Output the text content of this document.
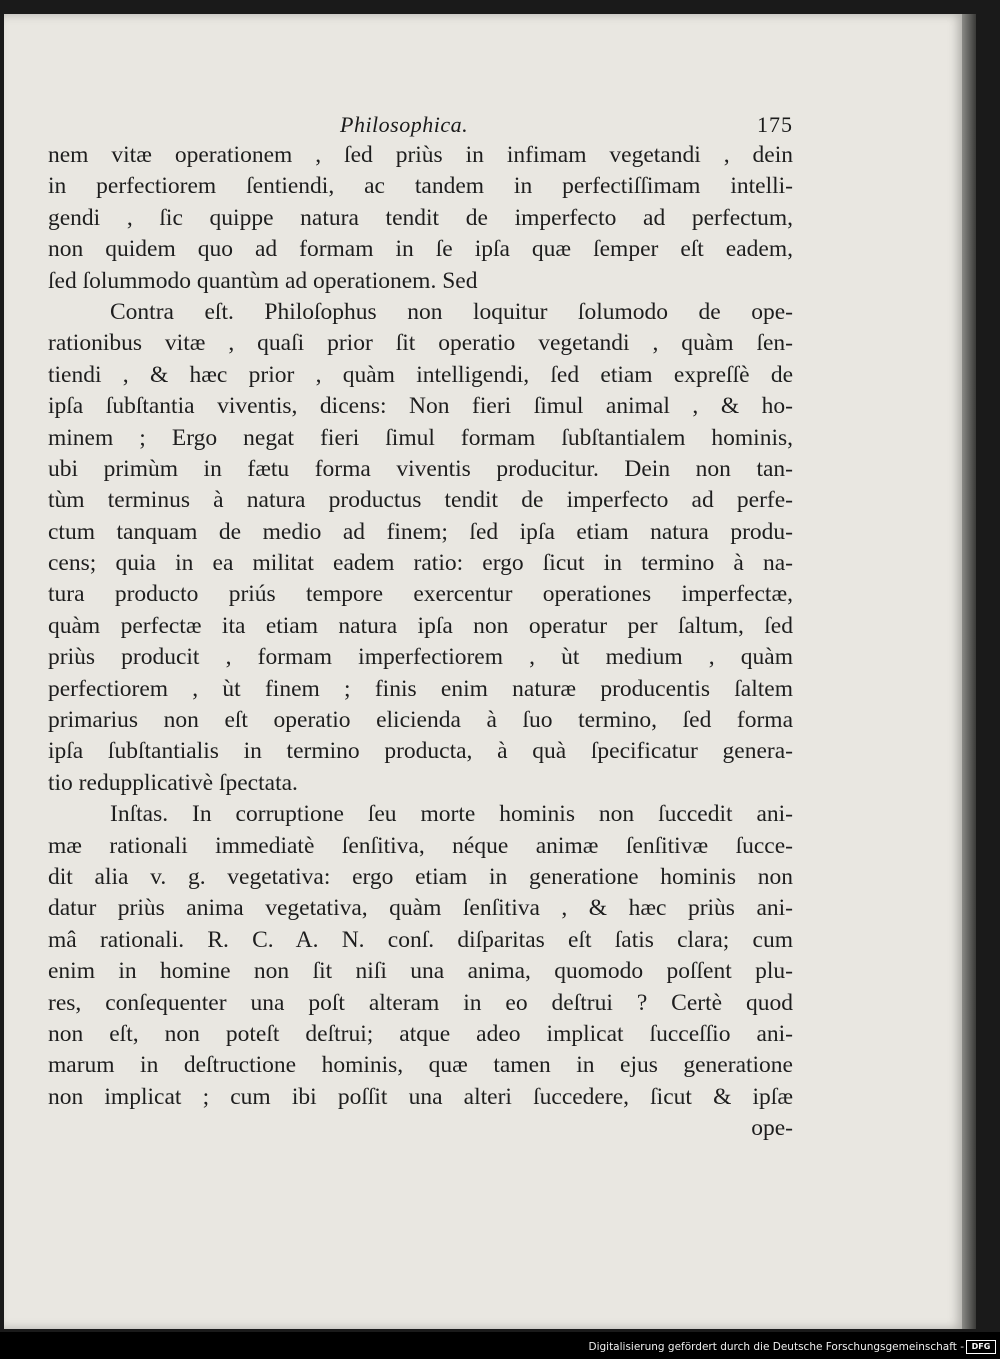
Philosophica.	175
nem vitæ operationem , ſed priùs in infimam vegetandi , dein
in perfectiorem ſentiendi, ac tandem in perfectiſſimam intelli-
gendi , ſic quippe natura tendit de imperfecto ad perfectum,
non quidem quo ad formam in ſe ipſa quæ ſemper eſt eadem,
ſed ſolummodo quantùm ad operationem. Sed
Contra eſt. Philoſophus non loquitur ſolumodo de ope-
rationibus vitæ , quaſi prior ſit operatio vegetandi , quàm ſen-
tiendi , & hæc prior , quàm intelligendi, ſed etiam expreſſè de
ipſa ſubſtantia viventis, dicens: Non fieri ſimul animal , & ho-
minem ; Ergo negat fieri ſimul formam ſubſtantialem hominis,
ubi primùm in fætu forma viventis producitur. Dein non tan-
tùm terminus à natura productus tendit de imperfecto ad perfe-
ctum tanquam de medio ad finem; ſed ipſa etiam natura produ-
cens; quia in ea militat eadem ratio: ergo ſicut in termino à na-
tura producto priús tempore exercentur operationes imperfectæ,
quàm perfectæ ita etiam natura ipſa non operatur per ſaltum, ſed
priùs producit , formam imperfectiorem , ùt medium , quàm
perfectiorem , ùt finem ; finis enim naturæ producentis ſaltem
primarius non eſt operatio elicienda à ſuo termino, ſed forma
ipſa ſubſtantialis in termino producta, à quà ſpecificatur genera-
tio redupplicativè ſpectata.
Inſtas. In corruptione ſeu morte hominis non ſuccedit ani-
mæ rationali immediatè ſenſitiva, néque animæ ſenſitivæ ſucce-
dit alia v. g. vegetativa: ergo etiam in generatione hominis non
datur priùs anima vegetativa, quàm ſenſitiva , & hæc priùs ani-
mâ rationali. R. C. A. N. conſ. diſparitas eſt ſatis clara; cum
enim in homine non ſit niſi una anima, quomodo poſſent plu-
res, conſequenter una poſt alteram in eo deſtrui ? Certè quod
non eſt, non poteſt deſtrui; atque adeo implicat ſucceſſio ani-
marum in deſtructione hominis, quæ tamen in ejus generatione
non implicat ; cum ibi poſſit una alteri ſuccedere, ſicut & ipſæ
ope-
Digitalisierung gefördert durch die Deutsche Forschungsgemeinschaft - DFG
